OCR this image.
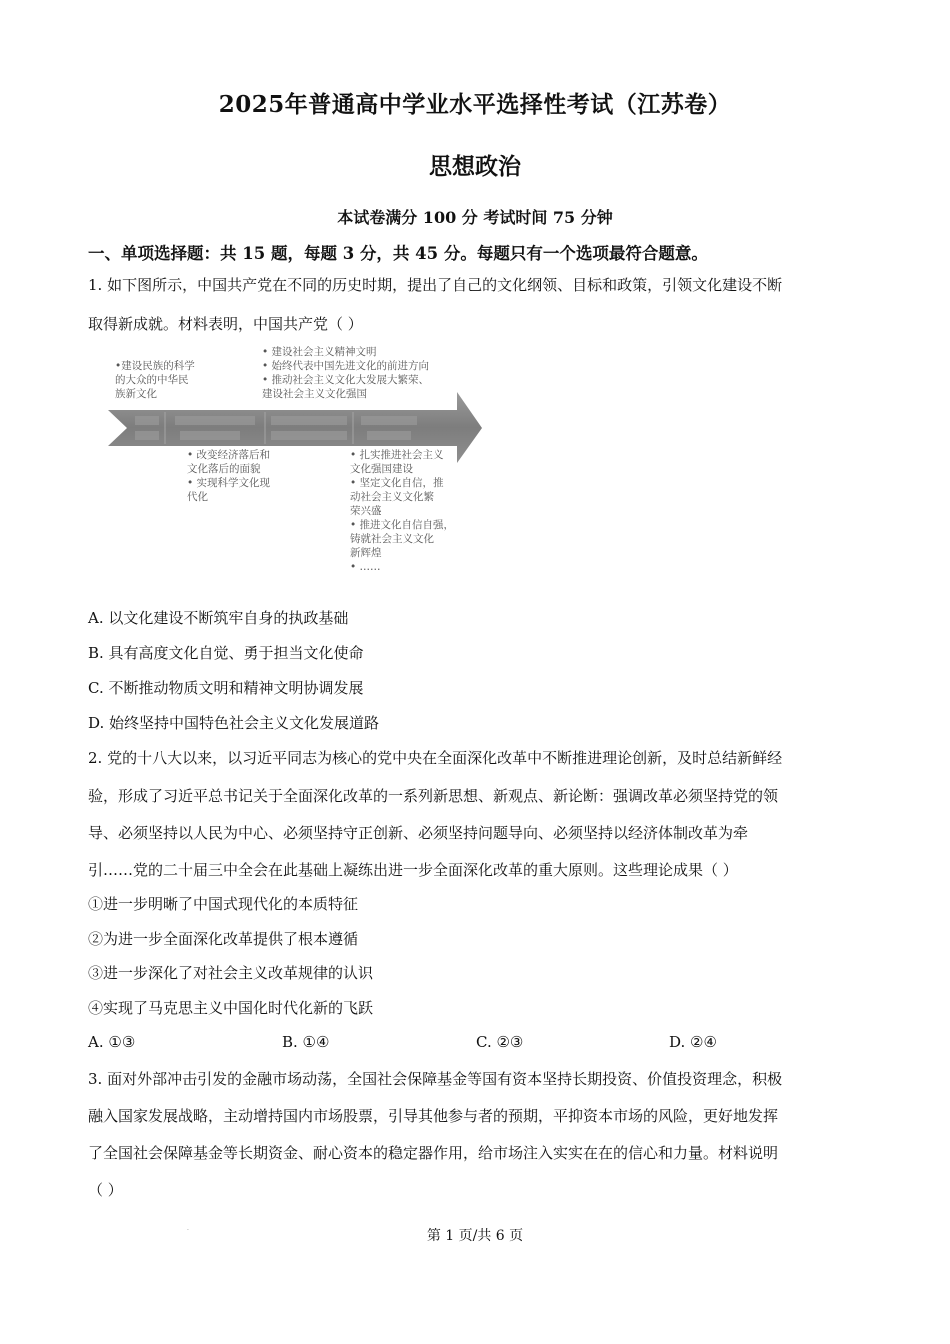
2025年普通高中学业水平选择性考试（江苏卷）
思想政治
本试卷满分 100 分 考试时间 75 分钟
一、单项选择题：共 15 题，每题 3 分，共 45 分。每题只有一个选项最符合题意。
1. 如下图所示，中国共产党在不同的历史时期，提出了自己的文化纲领、目标和政策，引领文化建设不断
取得新成就。材料表明，中国共产党（ ）
•建设民族的科学
的大众的中华民
族新文化
• 建设社会主义精神文明
• 始终代表中国先进文化的前进方向
• 推动社会主义文化大发展大繁荣、
建设社会主义文化强国
• 改变经济落后和
文化落后的面貌
• 实现科学文化现
代化
• 扎实推进社会主义
文化强国建设
• 坚定文化自信，推
动社会主义文化繁
荣兴盛
• 推进文化自信自强，
铸就社会主义文化
新辉煌
• ……
A. 以文化建设不断筑牢自身的执政基础
B. 具有高度文化自觉、勇于担当文化使命
C. 不断推动物质文明和精神文明协调发展
D. 始终坚持中国特色社会主义文化发展道路
2. 党的十八大以来，以习近平同志为核心的党中央在全面深化改革中不断推进理论创新，及时总结新鲜经
验，形成了习近平总书记关于全面深化改革的一系列新思想、新观点、新论断：强调改革必须坚持党的领
导、必须坚持以人民为中心、必须坚持守正创新、必须坚持问题导向、必须坚持以经济体制改革为牵
引……党的二十届三中全会在此基础上凝练出进一步全面深化改革的重大原则。这些理论成果（ ）
①进一步明晰了中国式现代化的本质特征
②为进一步全面深化改革提供了根本遵循
③进一步深化了对社会主义改革规律的认识
④实现了马克思主义中国化时代化新的飞跃
A. ①③	B. ①④	C. ②③	D. ②④
3. 面对外部冲击引发的金融市场动荡，全国社会保障基金等国有资本坚持长期投资、价值投资理念，积极
融入国家发展战略，主动增持国内市场股票，引导其他参与者的预期，平抑资本市场的风险，更好地发挥
了全国社会保障基金等长期资金、耐心资本的稳定器作用，给市场注入实实在在的信心和力量。材料说明
（ ）
·	第 1 页/共 6 页
